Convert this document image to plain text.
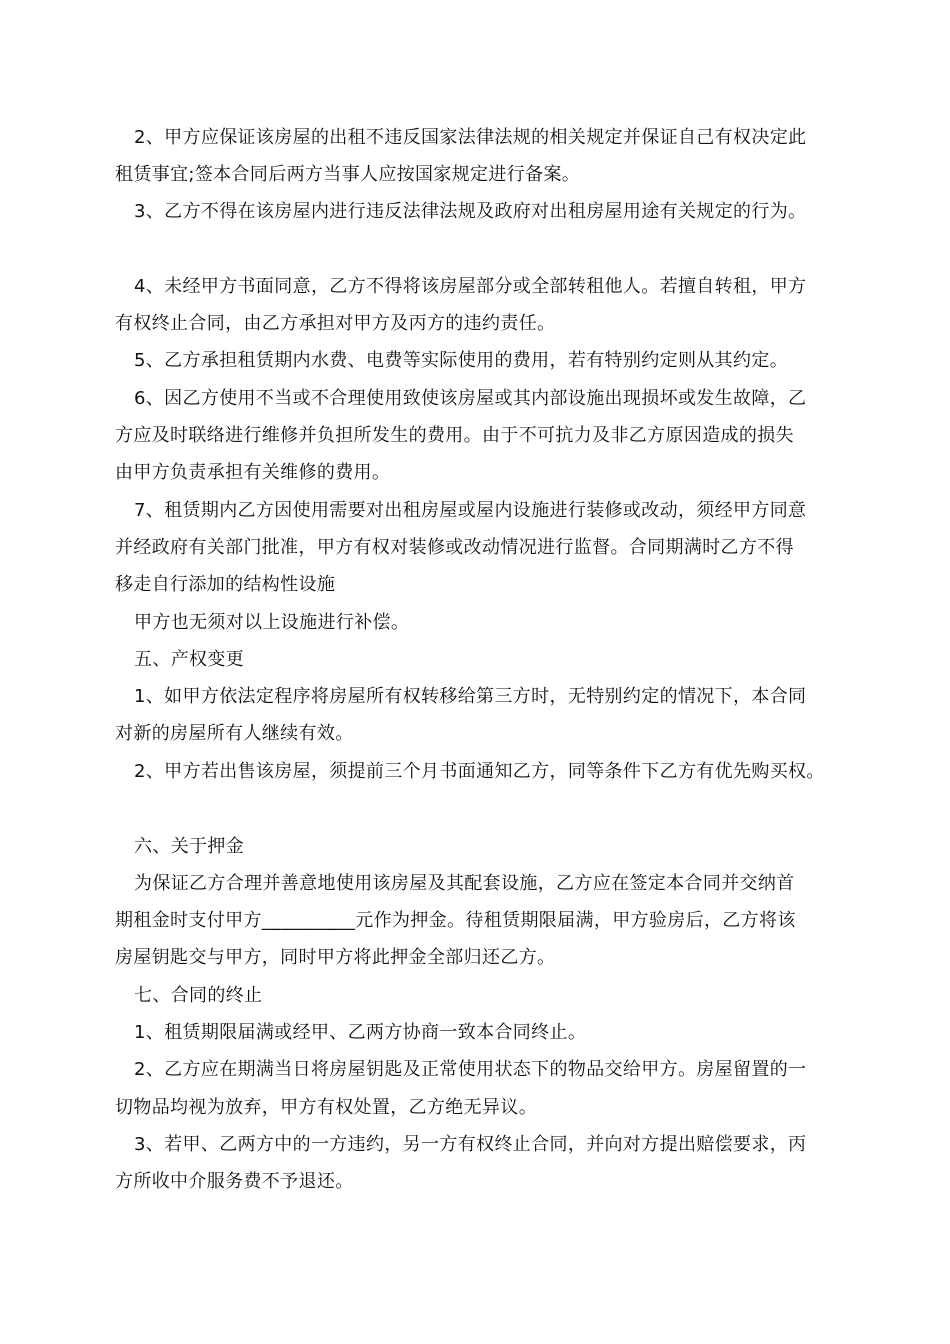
2、甲方应保证该房屋的出租不违反国家法律法规的相关规定并保证自己有权决定此
租赁事宜;签本合同后两方当事人应按国家规定进行备案。
3、乙方不得在该房屋内进行违反法律法规及政府对出租房屋用途有关规定的行为。
4、未经甲方书面同意，乙方不得将该房屋部分或全部转租他人。若擅自转租，甲方
有权终止合同，由乙方承担对甲方及丙方的违约责任。
5、乙方承担租赁期内水费、电费等实际使用的费用，若有特别约定则从其约定。
6、因乙方使用不当或不合理使用致使该房屋或其内部设施出现损坏或发生故障，乙
方应及时联络进行维修并负担所发生的费用。由于不可抗力及非乙方原因造成的损失
由甲方负责承担有关维修的费用。
7、租赁期内乙方因使用需要对出租房屋或屋内设施进行装修或改动，须经甲方同意
并经政府有关部门批准，甲方有权对装修或改动情况进行监督。合同期满时乙方不得
移走自行添加的结构性设施
甲方也无须对以上设施进行补偿。
五、产权变更
1、如甲方依法定程序将房屋所有权转移给第三方时，无特别约定的情况下，本合同
对新的房屋所有人继续有效。
2、甲方若出售该房屋，须提前三个月书面通知乙方，同等条件下乙方有优先购买权。
六、关于押金
为保证乙方合理并善意地使用该房屋及其配套设施，乙方应在签定本合同并交纳首
期租金时支付甲方__________元作为押金。待租赁期限届满，甲方验房后，乙方将该
房屋钥匙交与甲方，同时甲方将此押金全部归还乙方。
七、合同的终止
1、租赁期限届满或经甲、乙两方协商一致本合同终止。
2、乙方应在期满当日将房屋钥匙及正常使用状态下的物品交给甲方。房屋留置的一
切物品均视为放弃，甲方有权处置，乙方绝无异议。
3、若甲、乙两方中的一方违约，另一方有权终止合同，并向对方提出赔偿要求，丙
方所收中介服务费不予退还。
